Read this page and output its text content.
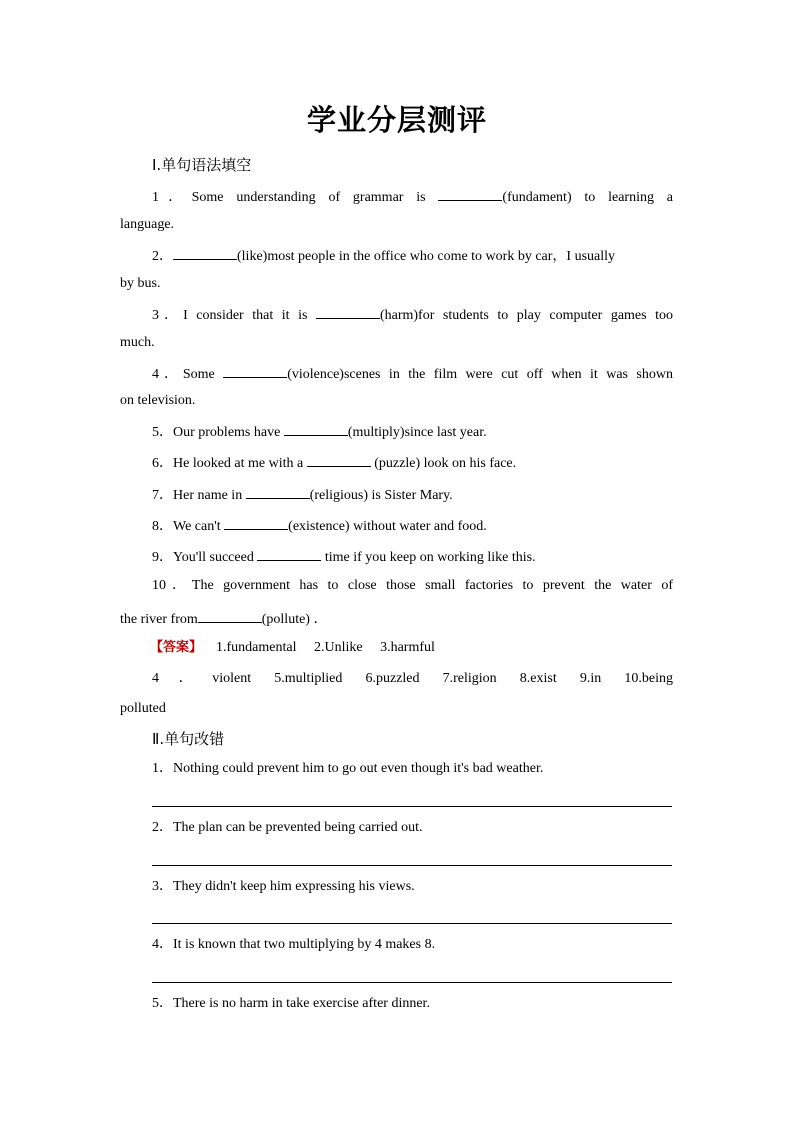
学业分层测评
Ⅰ.单句语法填空
1．Some understanding of grammar is	(fundament) to learning a
language.
2．	(like)most people in the office who come to work by car，I usually
by bus.
3．I consider that it is	(harm)for students to play computer games too
much.
4．Some	(violence)scenes in the film were cut off when it was shown
on television.
5．Our problems have	(multiply)since last year.
6．He looked at me with a	(puzzle) look on his face.
7．Her name in	(religious) is Sister Mary.
8．We can't	(existence) without water and food.
9．You'll succeed	time if you keep on working like this.
10．The government has to close those small factories to prevent the water of
the river from	(pollute) ．
【答案】 1.fundamental 2.Unlike 3.harmful
4．violent 5.multiplied 6.puzzled 7.religion 8.exist 9.in 10.being
polluted
Ⅱ.单句改错
1．Nothing could prevent him to go out even though it's bad weather.
2．The plan can be prevented being carried out.
3．They didn't keep him expressing his views.
4．It is known that two multiplying by 4 makes 8.
5．There is no harm in take exercise after dinner.
